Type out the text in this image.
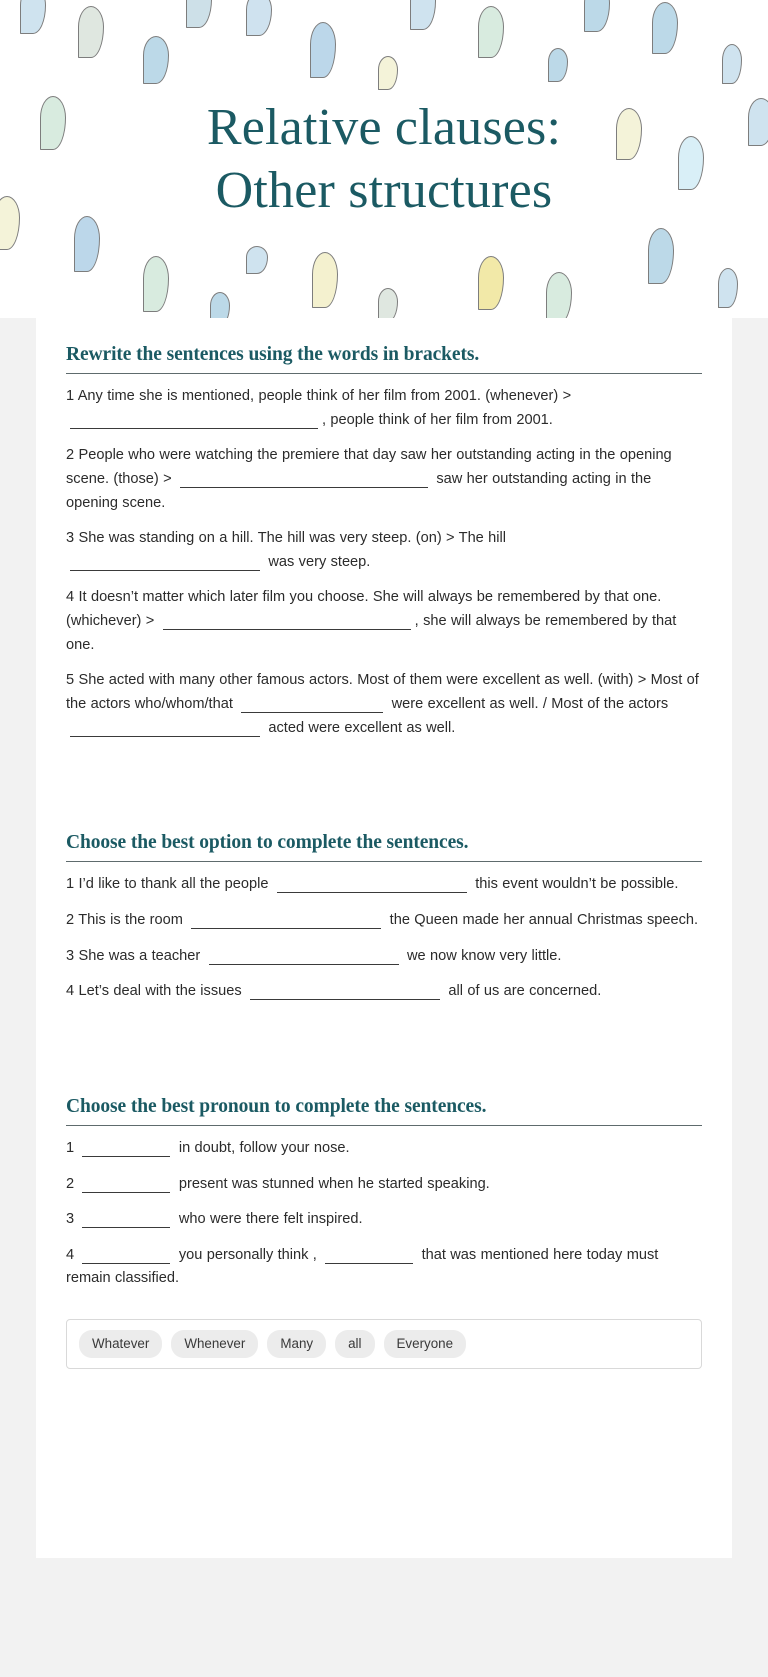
Relative clauses:
Other structures
Rewrite the sentences using the words in brackets.

1 Any time she is mentioned, people think of her film from 2001. (whenever) > , people think of her film from 2001.

2 People who were watching the premiere that day saw her outstanding acting in the opening scene. (those) >	saw her outstanding acting in the opening scene.

3 She was standing on a hill. The hill was very steep. (on) > The hill  was very steep.

4 It doesn’t matter which later film you choose. She will always be remembered by that one. (whichever) >	, she will always be remembered by that one.

5 She acted with many other famous actors. Most of them were excellent as well. (with) > Most of the actors who/whom/that	were excellent as well. / Most of the actors  acted were excellent as well.

Choose the best option to complete the sentences.

1 I’d like to thank all the people	this event wouldn’t be possible.

2 This is the room	the Queen made her annual Christmas speech.

3 She was a teacher	we now know very little.

4 Let’s deal with the issues	all of us are concerned.

Choose the best pronoun to complete the sentences.

1	in doubt, follow your nose.

2	present was stunned when he started speaking.

3	who were there felt inspired.

4	you personally think ,	that was mentioned here today must remain classified.

Whatever	Whenever	Many	all	Everyone
